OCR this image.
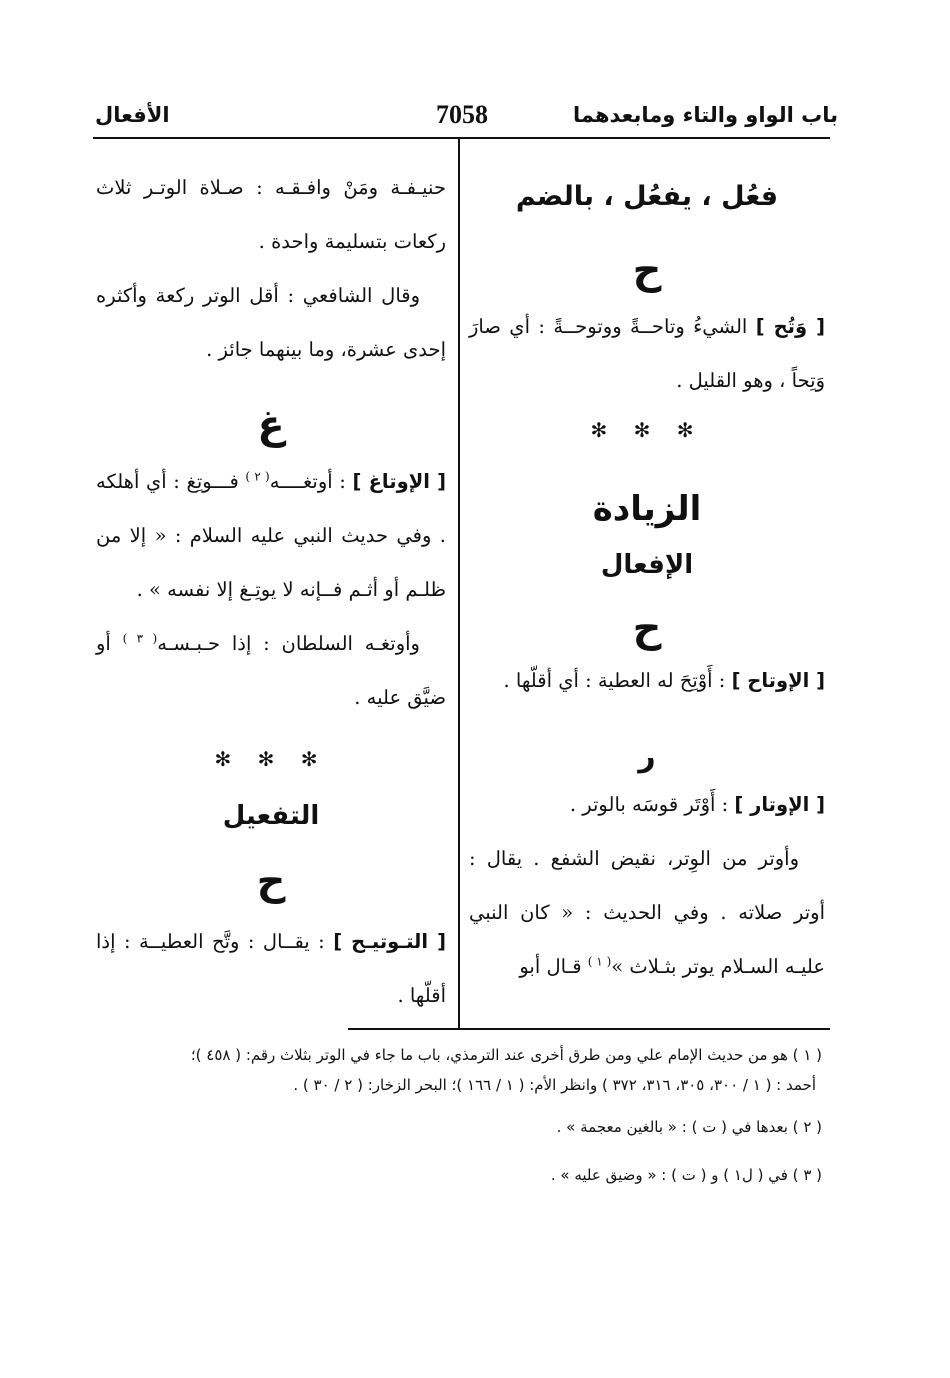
باب الواو والتاء ومابعدهما
7058
الأفعال

فعُل ، يفعُل ، بالضم

ح

[ وَتُح ] الشيءُ وتاحــةً ووتوحــةً : أي صارَ وَتِحاً ، وهو القليل .

✻ ✻ ✻

الزيادة

الإفعال

ح

[ الإوتاح ] : أَوْتِحَ له العطية : أي أقلّها .

ر

[ الإوتار ] : أَوْتَر قوسَه بالوتر .

وأوتر من الوِتر، نقيض الشفع . يقال : أوتر صلاته . وفي الحديث : « كان النبي عليـه السـلام يوتر بثـلاث »$^{( ١ )}$ قـال أبو

حنيـفـة ومَنْ وافـقـه : صـلاة الوتـر ثلاث ركعات بتسليمة واحدة .

وقال الشافعي : أقل الوتر ركعة وأكثره إحدى عشرة، وما بينهما جائز .

غ

[ الإوتاغ ] : أوتغــــه$^{( ٢ )}$ فـــوتِغ : أي أهلكه . وفي حديث النبي عليه السلام : « إلا من ظلـم أو أثـم فــإنه لا يوتِـغ إلا نفسه » .

وأوتغـه السلطان : إذا حـبـسـه$^{( ٣ )}$ أو ضيَّق عليه .

✻ ✻ ✻

التفعيل

ح

[ التـوتيـح ] : يقــال : وتَّح العطيــة : إذا أقلّها .

( ١ ) هو من حديث الإمام علي ومن طرق أخرى عند الترمذي، باب ما جاء في الوتر بثلاث رقم: ( ٤٥٨ )؛

أحمد : ( ١ / ٣٠٠، ٣٠٥، ٣١٦، ٣٧٢ ) وانظر الأم: ( ١ / ١٦٦ )؛ البحر الزخار: ( ٢ / ٣٠ ) .

( ٢ ) بعدها في ( ت ) : « بالغين معجمة » .

( ٣ ) في ( ل١ ) و ( ت ) : « وضيق عليه » .
